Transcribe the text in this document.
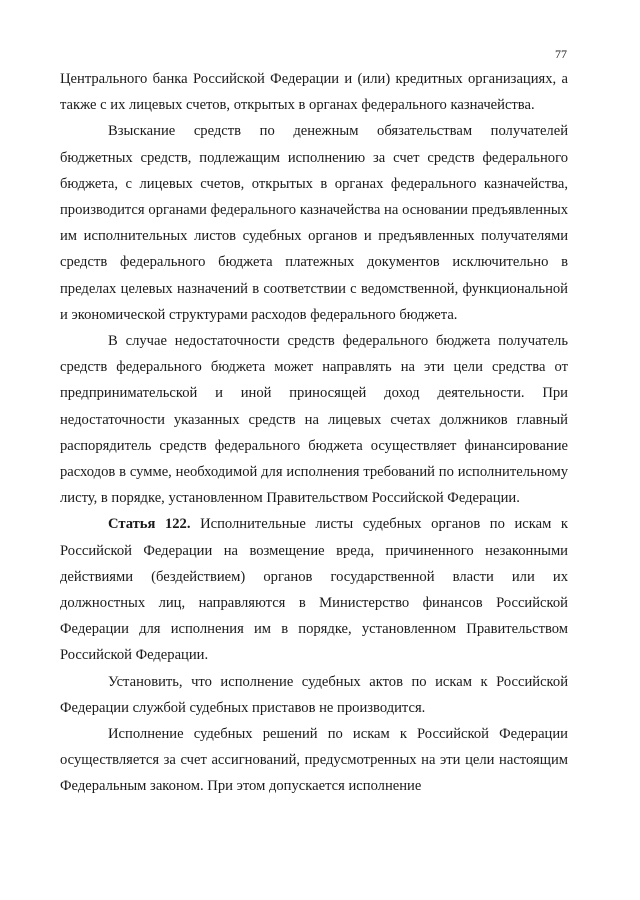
77

Центрального банка Российской Федерации и (или) кредитных организациях, а также с их лицевых счетов, открытых в органах федерального казначейства.

Взыскание средств по денежным обязательствам получателей бюджетных средств, подлежащим исполнению за счет средств федерального бюджета, с лицевых счетов, открытых в органах федерального казначейства, производится органами федерального казначейства на основании предъявленных им исполнительных листов судебных органов и предъявленных получателями средств федерального бюджета платежных документов исключительно в пределах целевых назначений в соответствии с ведомственной, функциональной и экономической структурами расходов федерального бюджета.

В случае недостаточности средств федерального бюджета получатель средств федерального бюджета может направлять на эти цели средства от предпринимательской и иной приносящей доход деятельности. При недостаточности указанных средств на лицевых счетах должников главный распорядитель средств федерального бюджета осуществляет финансирование расходов в сумме, необходимой для исполнения требований по исполнительному листу, в порядке, установленном Правительством Российской Федерации.

Статья 122. Исполнительные листы судебных органов по искам к Российской Федерации на возмещение вреда, причиненного незаконными действиями (бездействием) органов государственной власти или их должностных лиц, направляются в Министерство финансов Российской Федерации для исполнения им в порядке, установленном Правительством Российской Федерации.

Установить, что исполнение судебных актов по искам к Российской Федерации службой судебных приставов не производится.

Исполнение судебных решений по искам к Российской Федерации осуществляется за счет ассигнований, предусмотренных на эти цели настоящим Федеральным законом. При этом допускается исполнение
